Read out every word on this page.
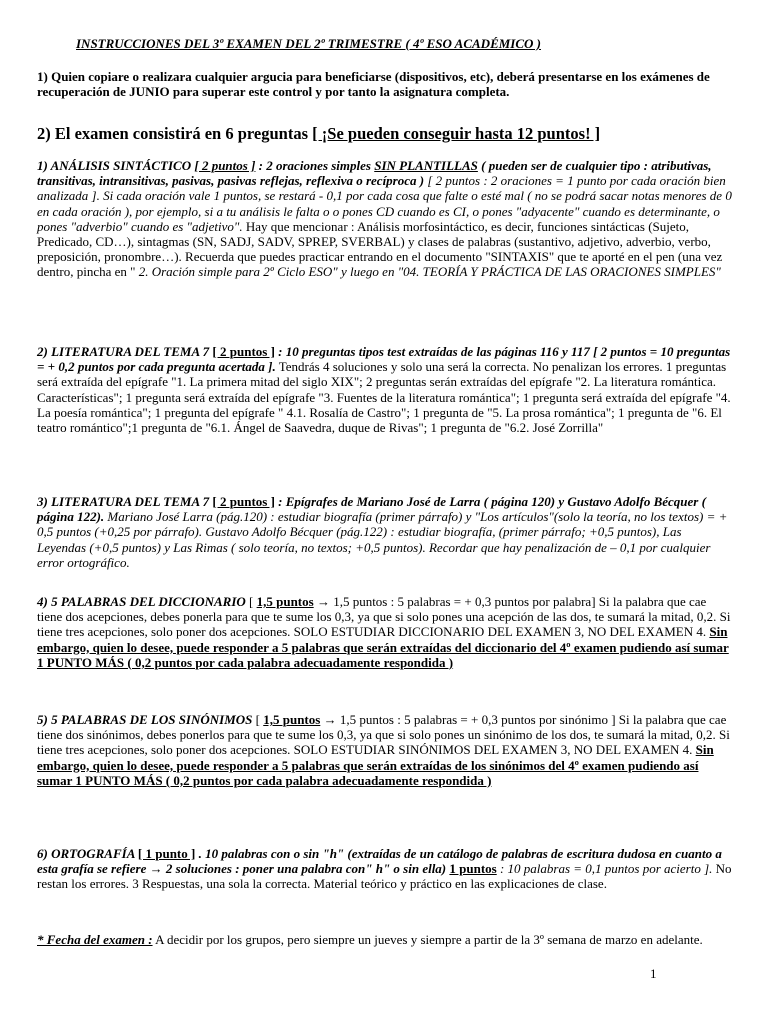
INSTRUCCIONES DEL 3º EXAMEN DEL 2º TRIMESTRE ( 4º ESO ACADÉMICO )
1) Quien copiare o realizara cualquier argucia para beneficiarse (dispositivos, etc), deberá presentarse en los exámenes de recuperación de JUNIO para superar este control y por tanto la asignatura completa.
2) El examen consistirá en 6 preguntas [ ¡Se pueden conseguir hasta 12 puntos! ]
1) ANÁLISIS SINTÁCTICO [ 2 puntos ] : 2 oraciones simples SIN PLANTILLAS ( pueden ser de cualquier tipo : atributivas, transitivas, intransitivas, pasivas, pasivas reflejas, reflexiva o recíproca ) [ 2 puntos : 2 oraciones = 1 punto por cada oración bien analizada ]. Si cada oración vale 1 puntos, se restará - 0,1 por cada cosa que falte o esté mal ( no se podrá sacar notas menores de 0 en cada oración ), por ejemplo, si a tu análisis le falta o o pones CD cuando es CI, o pones "adyacente" cuando es determinante, o pones "adverbio" cuando es "adjetivo". Hay que mencionar : Análisis morfosintáctico, es decir, funciones sintácticas (Sujeto, Predicado, CD…), sintagmas (SN, SADJ, SADV, SPREP, SVERBAL) y clases de palabras (sustantivo, adjetivo, adverbio, verbo, preposición, pronombre…). Recuerda que puedes practicar entrando en el documento "SINTAXIS" que te aporté en el pen (una vez dentro, pincha en " 2. Oración simple para 2º Ciclo ESO" y luego en "04. TEORÍA Y PRÁCTICA DE LAS ORACIONES SIMPLES"
2) LITERATURA DEL TEMA 7 [ 2 puntos ] : 10 preguntas tipos test extraídas de las páginas 116 y 117 [ 2 puntos = 10 preguntas = + 0,2 puntos por cada pregunta acertada ]. Tendrás 4 soluciones y solo una será la correcta. No penalizan los errores. 1 preguntas será extraída del epígrafe "1. La primera mitad del siglo XIX"; 2 preguntas serán extraídas del epígrafe "2. La literatura romántica. Características"; 1 pregunta será extraída del epígrafe "3. Fuentes de la literatura romántica"; 1 pregunta será extraída del epígrafe "4. La poesía romántica"; 1 pregunta del epígrafe " 4.1. Rosalía de Castro"; 1 pregunta de "5. La prosa romántica"; 1 pregunta de "6. El teatro romántico";1 pregunta de "6.1. Ángel de Saavedra, duque de Rivas"; 1 pregunta de "6.2. José Zorrilla"
3) LITERATURA DEL TEMA 7 [ 2 puntos ] : Epígrafes de Mariano José de Larra ( página 120) y Gustavo Adolfo Bécquer ( página 122). Mariano José Larra (pág.120) : estudiar biografía (primer párrafo) y "Los artículos"(solo la teoría, no los textos) = + 0,5 puntos (+0,25 por párrafo). Gustavo Adolfo Bécquer (pág.122) : estudiar biografía, (primer párrafo; +0,5 puntos), Las Leyendas (+0,5 puntos) y Las Rimas ( solo teoría, no textos; +0,5 puntos). Recordar que hay penalización de – 0,1 por cualquier error ortográfico.
4) 5 PALABRAS DEL DICCIONARIO [ 1,5 puntos → 1,5 puntos : 5 palabras = + 0,3 puntos por palabra] Si la palabra que cae tiene dos acepciones, debes ponerla para que te sume los 0,3, ya que si solo pones una acepción de las dos, te sumará la mitad, 0,2. Si tiene tres acepciones, solo poner dos acepciones. SOLO ESTUDIAR DICCIONARIO DEL EXAMEN 3, NO DEL EXAMEN 4. Sin embargo, quien lo desee, puede responder a 5 palabras que serán extraídas del diccionario del 4º examen pudiendo así sumar 1 PUNTO MÁS ( 0,2 puntos por cada palabra adecuadamente respondida )
5) 5 PALABRAS DE LOS SINÓNIMOS [ 1,5 puntos → 1,5 puntos : 5 palabras = + 0,3 puntos por sinónimo ] Si la palabra que cae tiene dos sinónimos, debes ponerlos para que te sume los 0,3, ya que si solo pones un sinónimo de los dos, te sumará la mitad, 0,2. Si tiene tres acepciones, solo poner dos acepciones. SOLO ESTUDIAR SINÓNIMOS DEL EXAMEN 3, NO DEL EXAMEN 4. Sin embargo, quien lo desee, puede responder a 5 palabras que serán extraídas de los sinónimos del 4º examen pudiendo así sumar 1 PUNTO MÁS ( 0,2 puntos por cada palabra adecuadamente respondida )
6) ORTOGRAFÍA [ 1 punto ] . 10 palabras con o sin "h" (extraídas de un catálogo de palabras de escritura dudosa en cuanto a esta grafía se refiere → 2 soluciones : poner una palabra con" h" o sin ella) 1 puntos : 10 palabras = 0,1 puntos por acierto ]. No restan los errores. 3 Respuestas, una sola la correcta. Material teórico y práctico en las explicaciones de clase.
* Fecha del examen : A decidir por los grupos, pero siempre un jueves y siempre a partir de la 3º semana de marzo en adelante.
1
